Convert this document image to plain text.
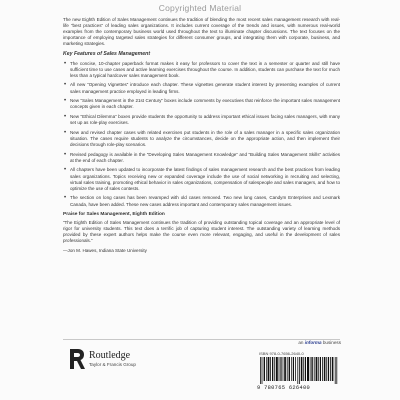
Copyrighted Material

The new Eighth Edition of Sales Management continues the tradition of blending the most recent sales management research with real-life “best practices” of leading sales organizations. It includes current coverage of the trends and issues, with numerous real-world examples from the contemporary business world used throughout the text to illuminate chapter discussions. The text focuses on the importance of employing targeted sales strategies for different consumer groups, and integrating them with corporate, business, and marketing strategies.

Key Features of Sales Management
• The concise, 10-chapter paperback format makes it easy for professors to cover the text in a semester or quarter and still have sufficient time to use cases and active learning exercises throughout the course. In addition, students can purchase the text for much less than a typical hardcover sales management book.
• All new “Opening Vignettes” introduce each chapter. These vignettes generate student interest by presenting examples of current sales management practice employed in leading firms.
• New “Sales Management in the 21st Century” boxes include comments by executives that reinforce the important sales management concepts given in each chapter.
• New “Ethical Dilemma” boxes provide students the opportunity to address important ethical issues facing sales managers, with many set up as role-play exercises.
• New and revised chapter cases with related exercises put students in the role of a sales manager in a specific sales organization situation. The cases require students to analyze the circumstances, decide on the appropriate action, and then implement their decisions through role-play scenarios.
• Revised pedagogy is available in the “Developing Sales Management Knowledge” and “Building Sales Management Skills” activities at the end of each chapter.
• All chapters have been updated to incorporate the latest findings of sales management research and the best practices from leading sales organizations. Topics receiving new or expanded coverage include the use of social networking in recruiting and selecting, virtual sales training, promoting ethical behavior in sales organizations, compensation of salespeople and sales managers, and how to optimize the use of sales contests.
• The section on long cases has been revamped with old cases removed. Two new long cases, Candym Enterprises and Lexmark Canada, have been added. These new cases address important and contemporary sales management issues.
Praise for Sales Management, Eighth Edition

“The Eighth Edition of Sales Management continues the tradition of providing outstanding topical coverage and an appropriate level of rigor for university students. This text does a terrific job of capturing student interest. The outstanding variety of learning methods provided by these expert authors helps make the course even more relevant, engaging, and useful in the development of sales professionals.”

—Jon M. Hawes, Indiana State University

Routledge
Taylor & Francis Group
an informa business
ISBN 978-0-7656-2640-0
9 780765 626400
